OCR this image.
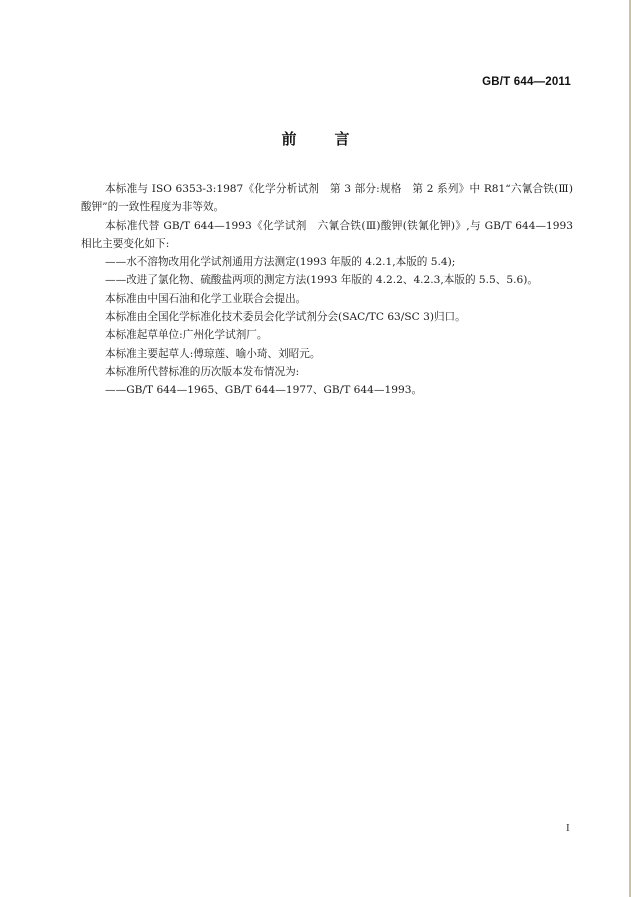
GB/T 644—2011
前言

本标准与 ISO 6353-3:1987《化学分析试剂　第 3 部分:规格　第 2 系列》中 R81“六氰合铁(Ⅲ)酸钾”的一致性程度为非等效。

本标准代替 GB/T 644—1993《化学试剂　六氰合铁(Ⅲ)酸钾(铁氰化钾)》,与 GB/T 644—1993 相比主要变化如下:

——水不溶物改用化学试剂通用方法测定(1993 年版的 4.2.1,本版的 5.4);

——改进了氯化物、硫酸盐两项的测定方法(1993 年版的 4.2.2、4.2.3,本版的 5.5、5.6)。

本标准由中国石油和化学工业联合会提出。

本标准由全国化学标准化技术委员会化学试剂分会(SAC/TC 63/SC 3)归口。

本标准起草单位:广州化学试剂厂。

本标准主要起草人:傅琼莲、喻小琦、刘昭元。

本标准所代替标准的历次版本发布情况为:

——GB/T 644—1965、GB/T 644—1977、GB/T 644—1993。

I
